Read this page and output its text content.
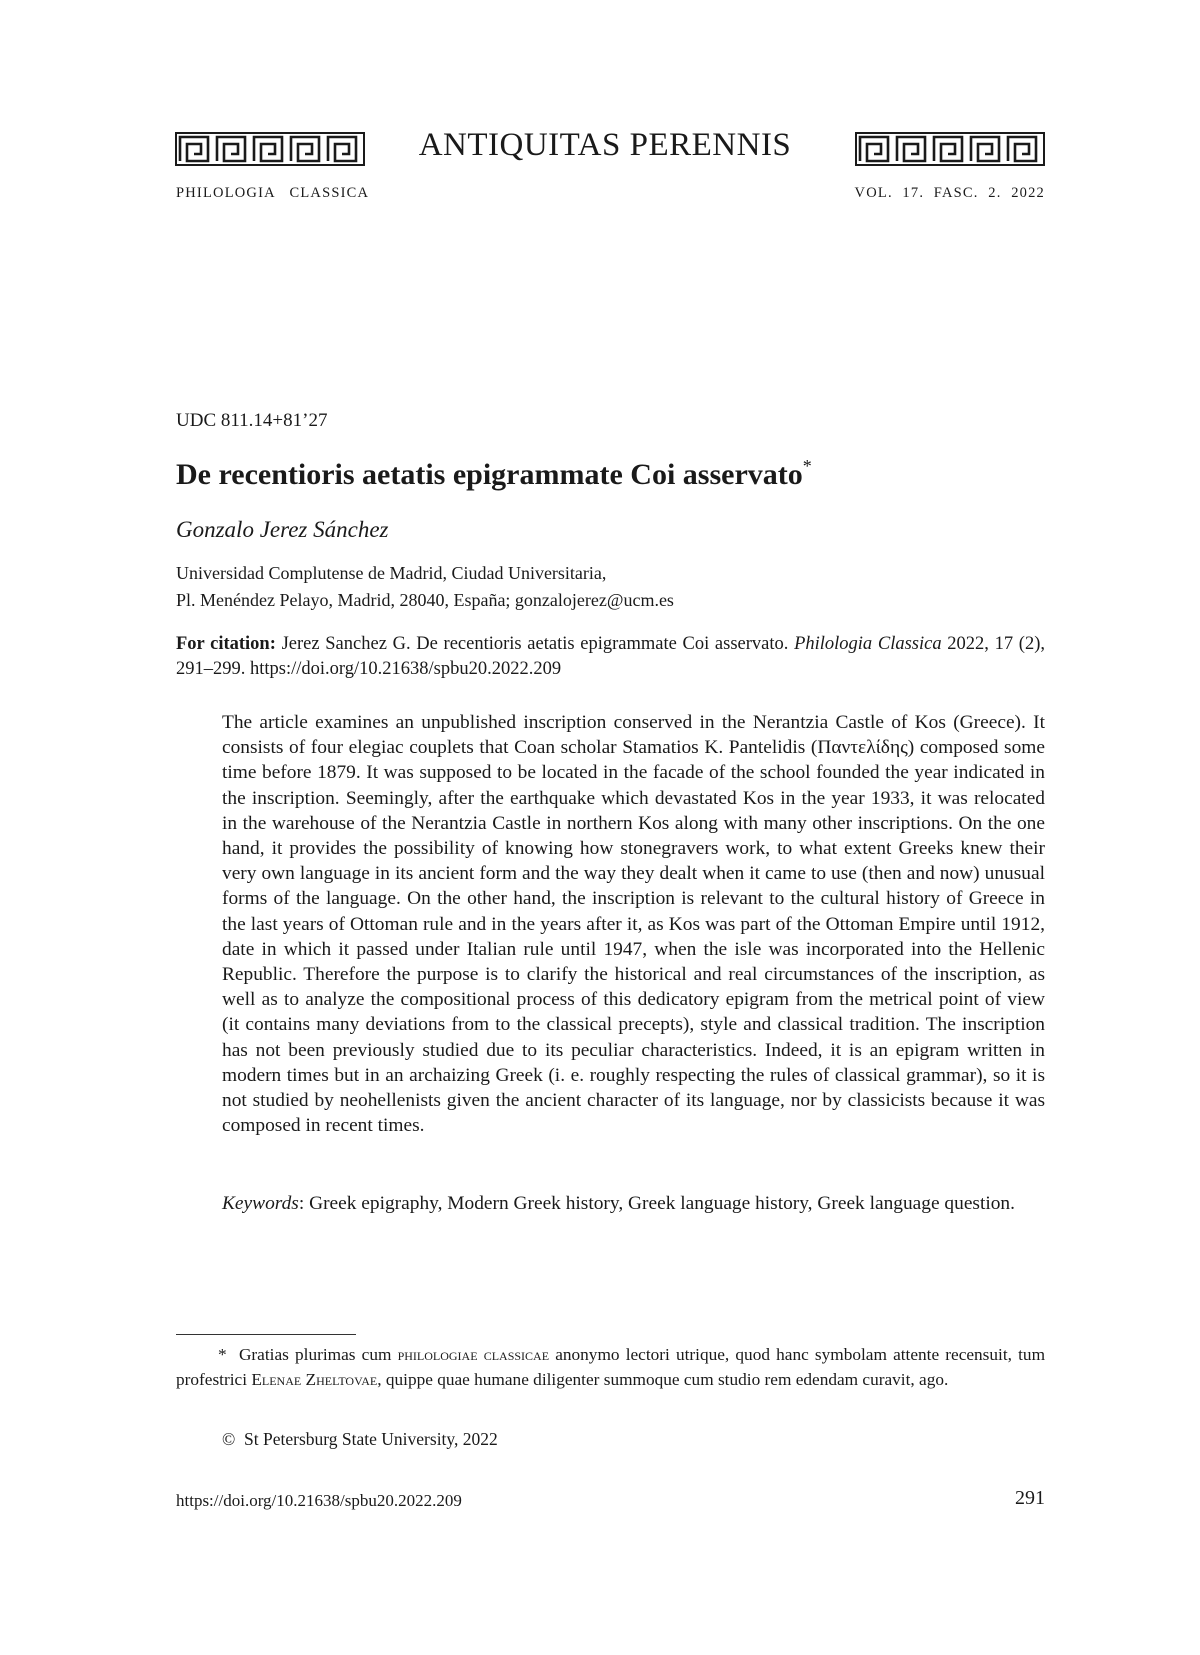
ANTIQUITAS PERENNIS
PHILOLOGIA   CLASSICA	VOL.  17.  FASC.  2.  2022
UDC 811.14+81’27
De recentioris aetatis epigrammate Coi asservato*
Gonzalo Jerez Sánchez
Universidad Complutense de Madrid, Ciudad Universitaria,
Pl. Menéndez Pelayo, Madrid, 28040, España; gonzalojerez@ucm.es
For citation: Jerez Sanchez G. De recentioris aetatis epigrammate Coi asservato. Philologia Classica 2022, 17 (2), 291–299. https://doi.org/10.21638/spbu20.2022.209
The article examines an unpublished inscription conserved in the Nerantzia Castle of Kos (Greece). It consists of four elegiac couplets that Coan scholar Stamatios K. Pantelidis (Παντελίδης) composed some time before 1879. It was supposed to be located in the facade of the school founded the year indicated in the inscription. Seemingly, after the earthquake which devastated Kos in the year 1933, it was relocated in the warehouse of the Nerantzia Castle in northern Kos along with many other inscriptions. On the one hand, it provides the possibility of knowing how stonegravers work, to what extent Greeks knew their very own language in its ancient form and the way they dealt when it came to use (then and now) unusual forms of the language. On the other hand, the inscription is relevant to the cultural history of Greece in the last years of Ottoman rule and in the years after it, as Kos was part of the Ottoman Empire until 1912, date in which it passed under Italian rule until 1947, when the isle was incorporated into the Hellenic Republic. Therefore the purpose is to clarify the historical and real circumstances of the inscription, as well as to analyze the compositional process of this dedicatory epigram from the metrical point of view (it contains many deviations from to the classical precepts), style and classical tradition. The inscription has not been previously studied due to its peculiar characteristics. Indeed, it is an epigram written in modern times but in an archaizing Greek (i. e. roughly respecting the rules of classical grammar), so it is not studied by neohellenists given the ancient character of its language, nor by classicists because it was composed in recent times.
Keywords: Greek epigraphy, Modern Greek history, Greek language history, Greek language question.
*  Gratias plurimas cum philologiae classicae anonymo lectori utrique, quod hanc symbolam attente recensuit, tum profestrici Elenae Zheltovae, quippe quae humane diligenter summoque cum studio rem edendam curavit, ago.
©  St Petersburg State University, 2022
https://doi.org/10.21638/spbu20.2022.209	291
